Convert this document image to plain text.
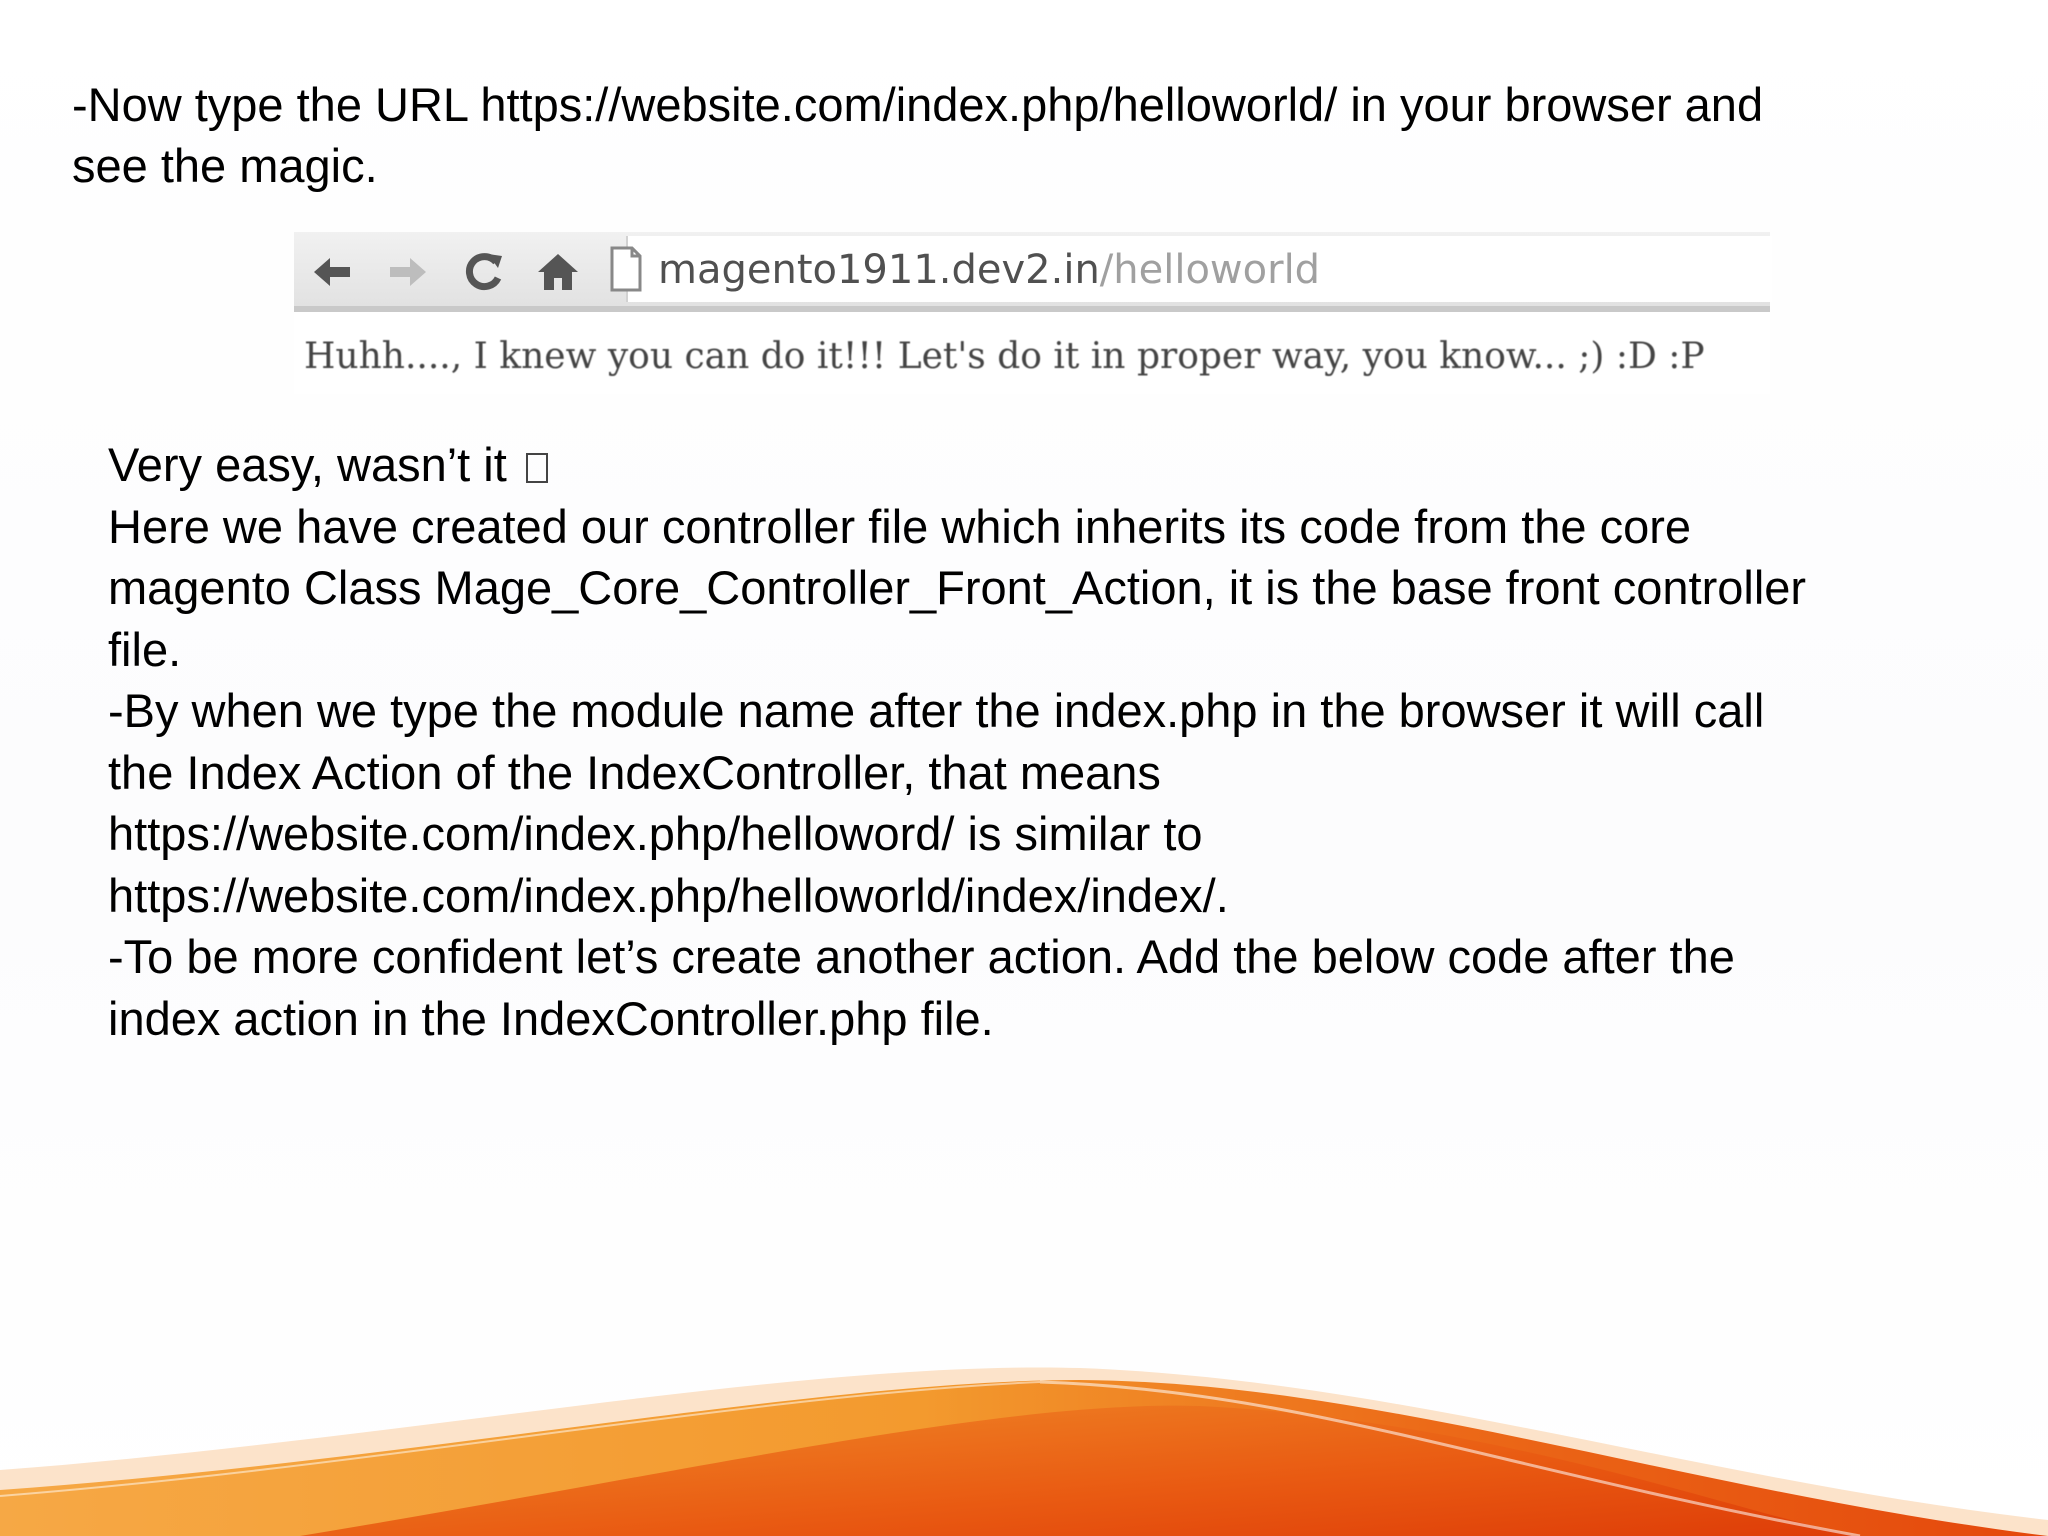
-Now type the URL https://website.com/index.php/helloworld/ in your browser and
see the magic.

magento1911.dev2.in/helloworld
Huhh...., I knew you can do it!!! Let's do it in proper way, you know... ;) :D :P
Very easy, wasn’t it
Here we have created our controller file which inherits its code from the core
magento Class Mage_Core_Controller_Front_Action, it is the base front controller
file.
-By when we type the module name after the index.php in the browser it will call
the Index Action of the IndexController, that means
https://website.com/index.php/helloword/ is similar to
https://website.com/index.php/helloworld/index/index/.
-To be more confident let’s create another action. Add the below code after the
index action in the IndexController.php file.
